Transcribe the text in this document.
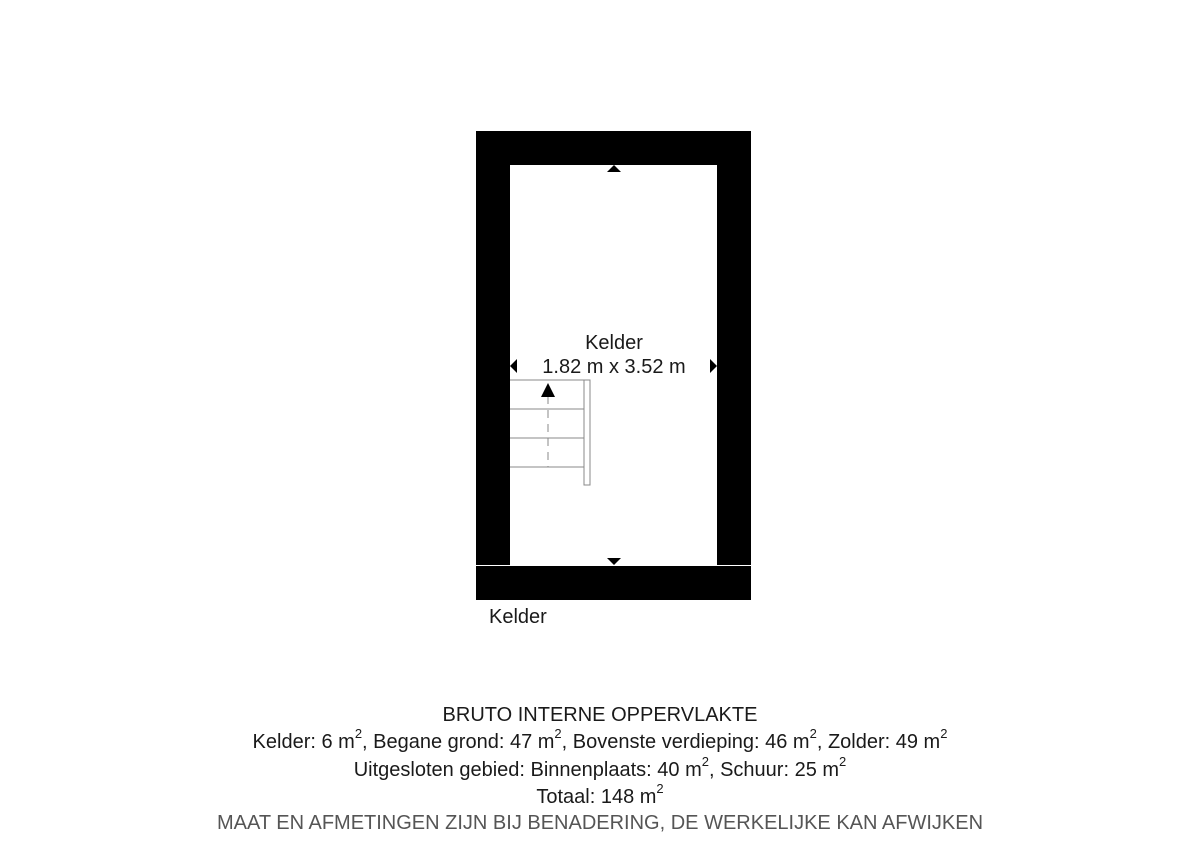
Kelder
1.82 m x 3.52 m
Kelder
BRUTO INTERNE OPPERVLAKTE
Kelder: 6 $m^2$, Begane grond: 47 $m^2$, Bovenste verdieping: 46 $m^2$, Zolder: 49 $m^2$
Uitgesloten gebied: Binnenplaats: 40 $m^2$, Schuur: 25 $m^2$
Totaal: 148 $m^2$
MAAT EN AFMETINGEN ZIJN BIJ BENADERING, DE WERKELIJKE KAN AFWIJKEN
